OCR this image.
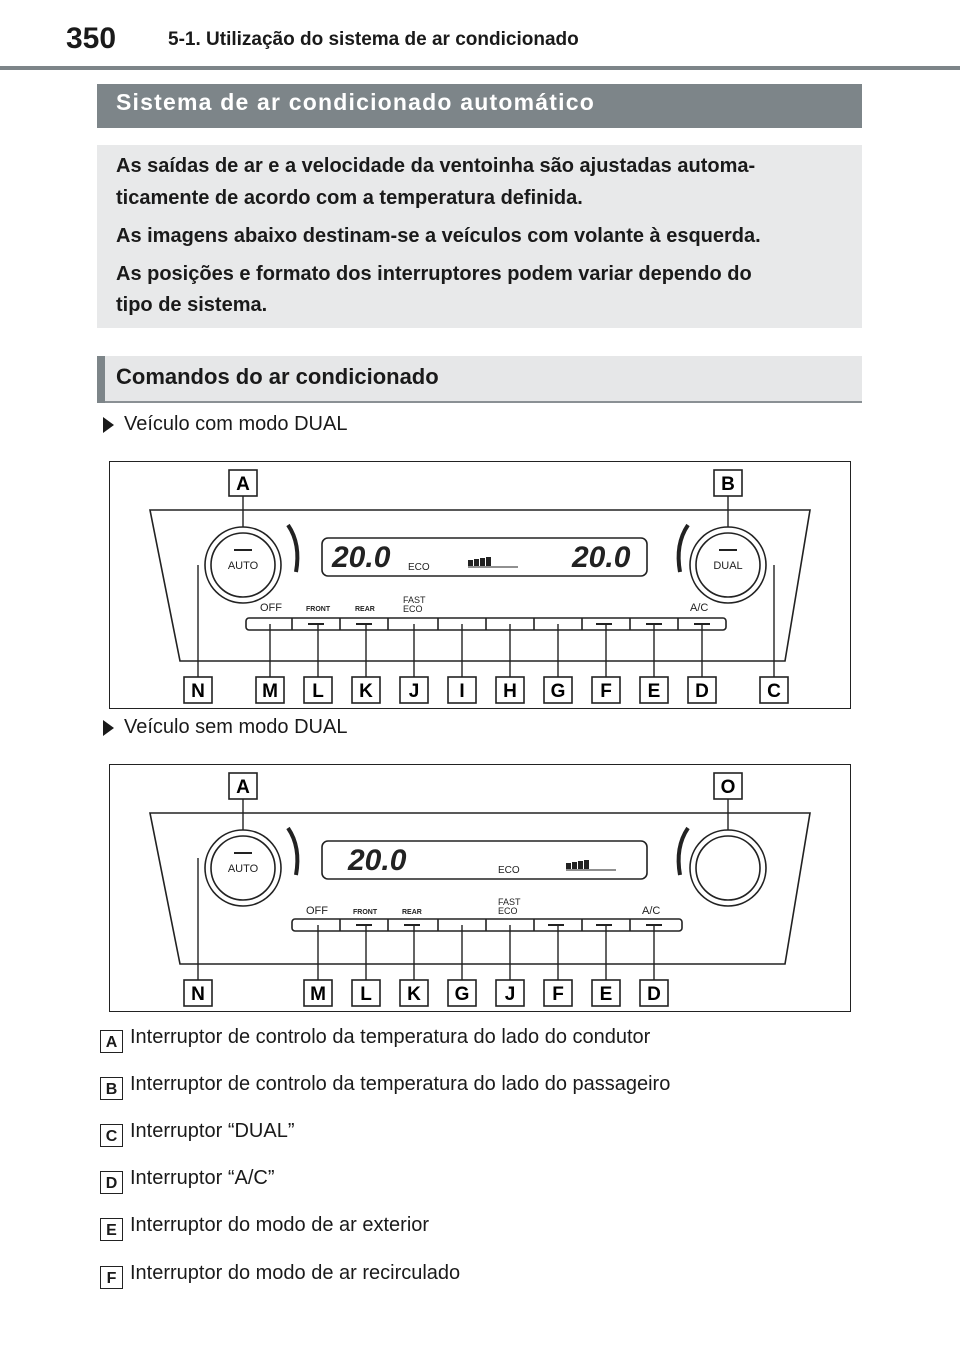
350	5-1. Utilização do sistema de ar condicionado
Sistema de ar condicionado automático
As saídas de ar e a velocidade da ventoinha são ajustadas automa-
ticamente de acordo com a temperatura definida.
As imagens abaixo destinam-se a veículos com volante à esquerda.
As posições e formato dos interruptores podem variar dependo do
tipo de sistema.
Comandos do ar condicionado
Veículo com modo DUAL
AUTO	DUAL
20.0 ECO	20.0
OFF	FRONT	REAR
FAST
ECO	A/C
A	B
N	M L K J I H G F E D	C
Veículo sem modo DUAL
AUTO	20.0	ECO
OFF	FRONT	REAR
FAST
ECO	A/C
A	O
N	M L K G J F E D
A Interruptor de controlo da temperatura do lado do condutor
B Interruptor de controlo da temperatura do lado do passageiro
C Interruptor “DUAL”
D Interruptor “A/C”
E Interruptor do modo de ar exterior
F Interruptor do modo de ar recirculado
